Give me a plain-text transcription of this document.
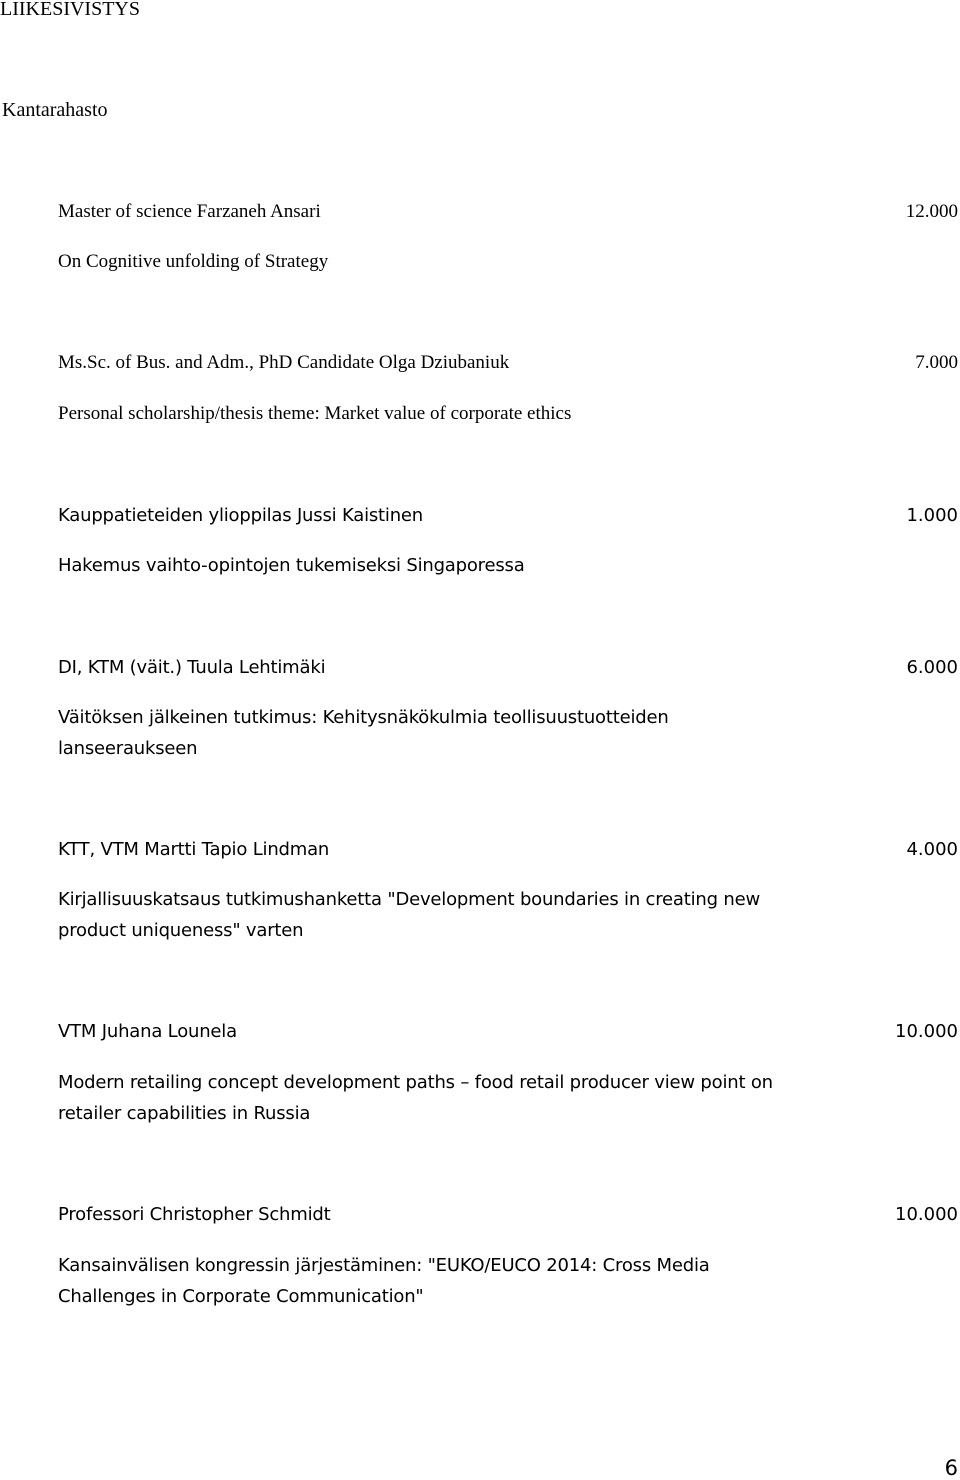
LIIKESIVISTYS
Kantarahasto
Master of science Farzaneh Ansari	12.000
On Cognitive unfolding of Strategy
Ms.Sc. of Bus. and Adm., PhD Candidate Olga Dziubaniuk	7.000
Personal scholarship/thesis theme: Market value of corporate ethics
Kauppatieteiden ylioppilas Jussi Kaistinen	1.000
Hakemus vaihto-opintojen tukemiseksi Singaporessa
DI, KTM (väit.) Tuula Lehtimäki	6.000
Väitöksen jälkeinen tutkimus: Kehitysnäkökulmia teollisuustuotteiden
lanseeraukseen
KTT, VTM Martti Tapio Lindman	4.000
Kirjallisuuskatsaus tutkimushanketta "Development boundaries in creating new
product uniqueness" varten
VTM Juhana Lounela	10.000
Modern retailing concept development paths – food retail producer view point on
retailer capabilities in Russia
Professori Christopher Schmidt	10.000
Kansainvälisen kongressin järjestäminen: "EUKO/EUCO 2014: Cross Media
Challenges in Corporate Communication"
6
